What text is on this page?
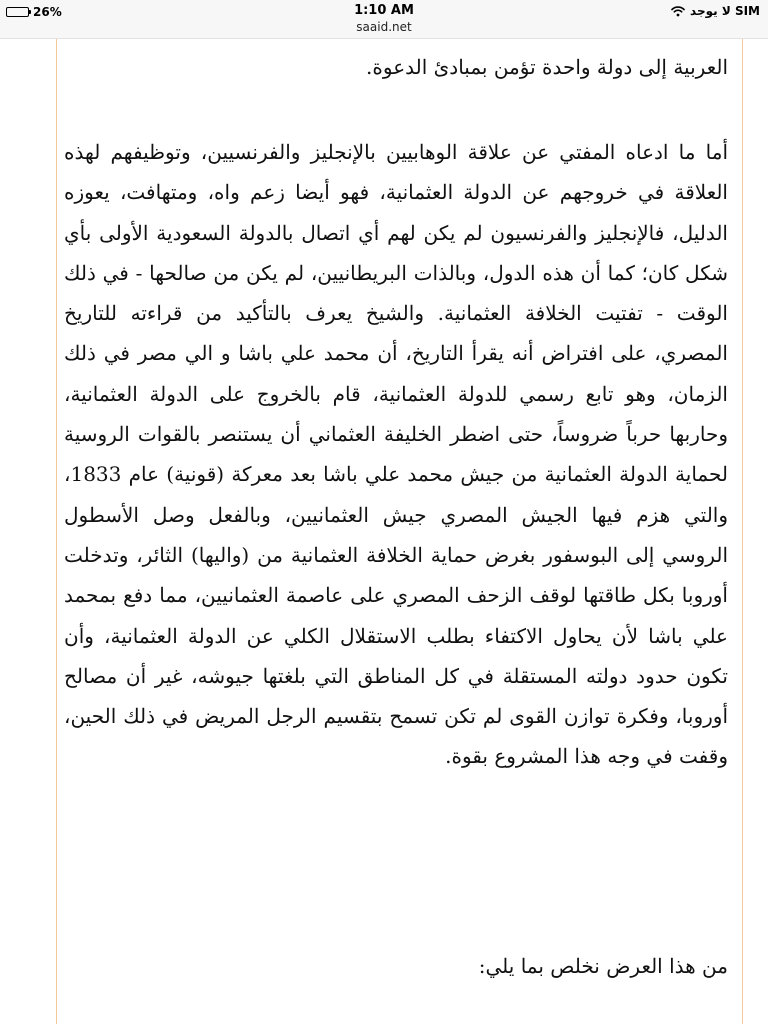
26%	1:10 AM
saaid.net
لا يوجد SIM

العربية إلى دولة واحدة تؤمن بمبادئ الدعوة.

أما ما ادعاه المفتي عن علاقة الوهابيين بالإنجليز والفرنسيين، وتوظيفهم لهذه العلاقة في خروجهم عن الدولة العثمانية، فهو أيضا زعم واه، ومتهافت، يعوزه الدليل، فالإنجليز والفرنسيون لم يكن لهم أي اتصال بالدولة السعودية الأولى بأي شكل كان؛ كما أن هذه الدول، وبالذات البريطانيين، لم يكن من صالحها - في ذلك الوقت - تفتيت الخلافة العثمانية. والشيخ يعرف بالتأكيد من قراءته للتاريخ المصري، على افتراض أنه يقرأ التاريخ، أن محمد علي باشا و الي مصر في ذلك الزمان، وهو تابع رسمي للدولة العثمانية، قام بالخروج على الدولة العثمانية، وحاربها حرباً ضروساً، حتى اضطر الخليفة العثماني أن يستنصر بالقوات الروسية لحماية الدولة العثمانية من جيش محمد علي باشا بعد معركة (قونية) عام 1833، والتي هزم فيها الجيش المصري جيش العثمانيين، وبالفعل وصل الأسطول الروسي إلى البوسفور بغرض حماية الخلافة العثمانية من (واليها) الثائر، وتدخلت أوروبا بكل طاقتها لوقف الزحف المصري على عاصمة العثمانيين، مما دفع بمحمد علي باشا لأن يحاول الاكتفاء بطلب الاستقلال الكلي عن الدولة العثمانية، وأن تكون حدود دولته المستقلة في كل المناطق التي بلغتها جيوشه، غير أن مصالح أوروبا، وفكرة توازن القوى لم تكن تسمح بتقسيم الرجل المريض في ذلك الحين، وقفت في وجه هذا المشروع بقوة.

من هذا العرض نخلص بما يلي:
